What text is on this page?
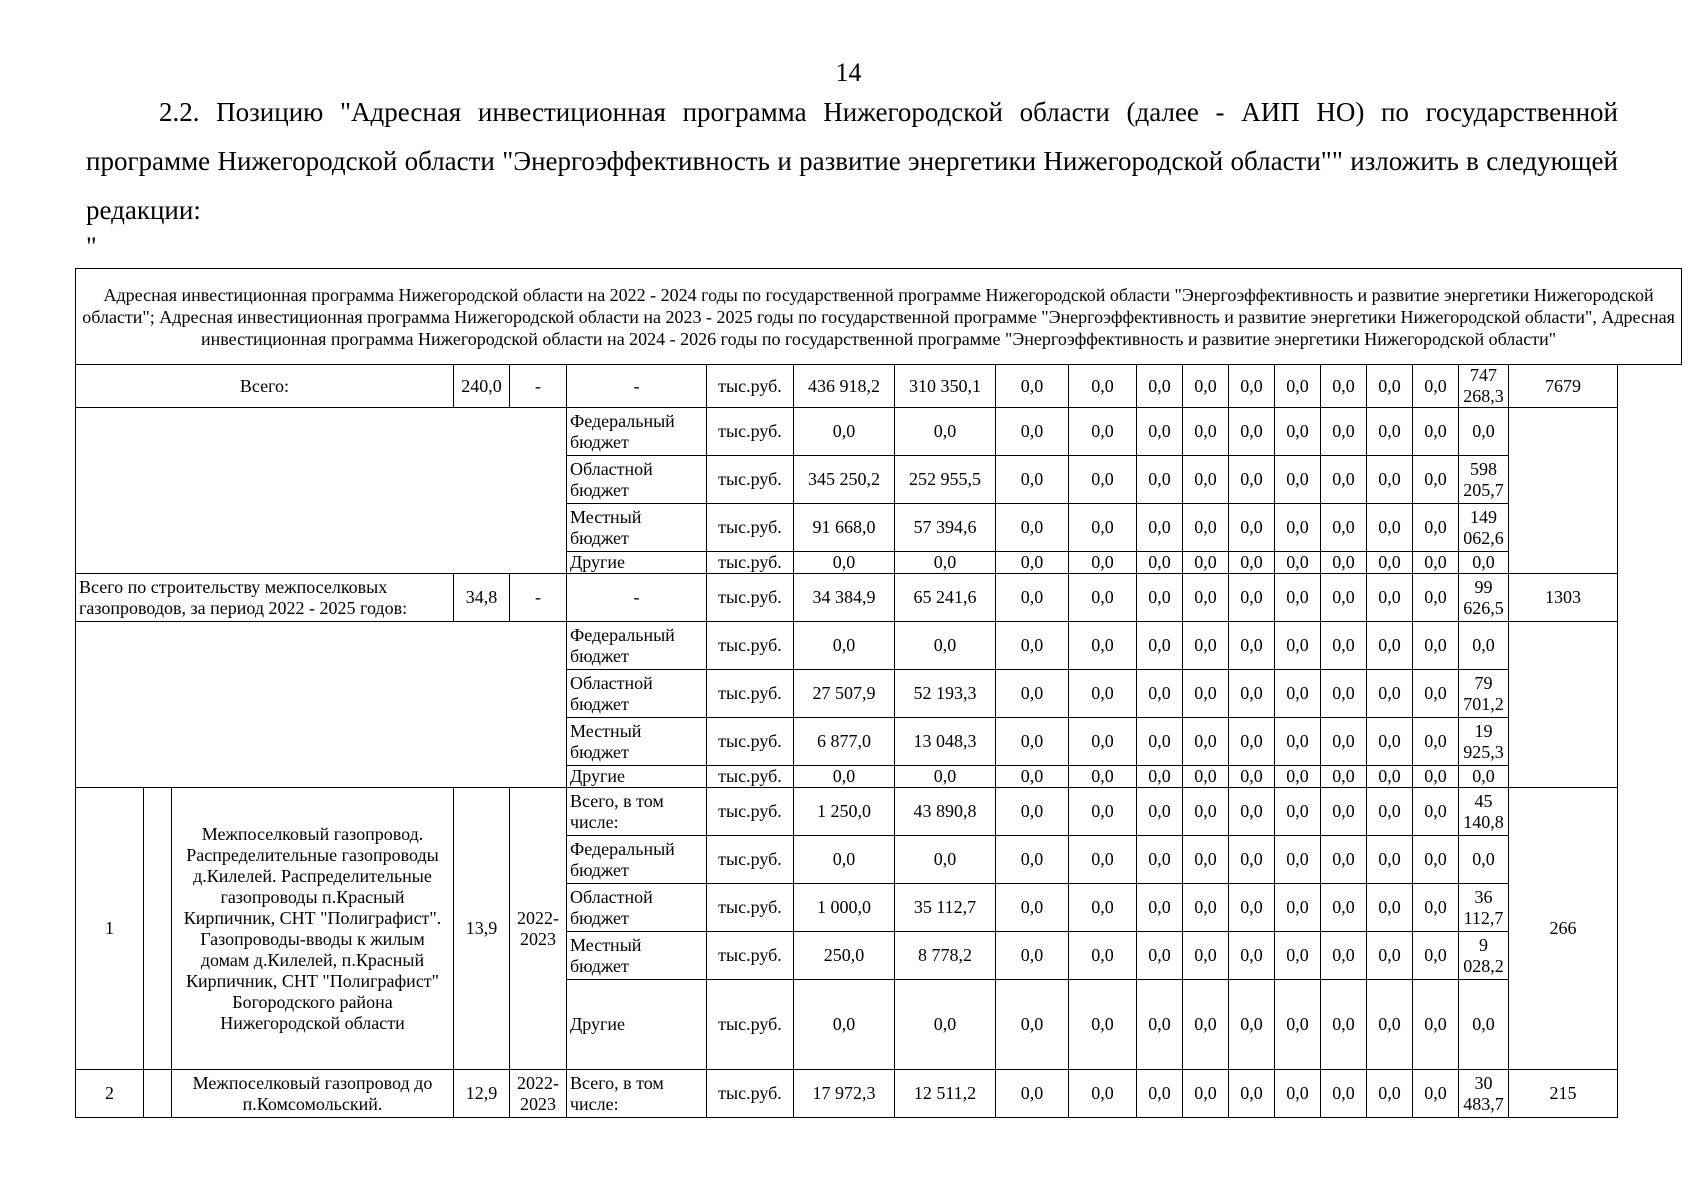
14

2.2. Позицию "Адресная инвестиционная программа Нижегородской области (далее - АИП НО) по государственной программе Нижегородской области "Энергоэффективность и развитие энергетики Нижегородской области"" изложить в следующей редакции:

"
Адресная инвестиционная программа Нижегородской области на 2022 - 2024 годы по государственной программе Нижегородской области "Энергоэффективность и развитие энергетики Нижегородской области"; Адресная инвестиционная программа Нижегородской области на 2023 - 2025 годы по государственной программе "Энергоэффективность и развитие энергетики Нижегородской области", Адресная инвестиционная программа Нижегородской области на 2024 - 2026 годы по государственной программе "Энергоэффективность и развитие энергетики Нижегородской области"																			
Всего:			240,0	-	-	тыс.руб.	436 918,2	310 350,1	0,0	0,0	0,0	0,0	0,0	0,0	0,0	0,0	0,0	747 268,3	7679
					Федеральный бюджет	тыс.руб.	0,0	0,0	0,0	0,0	0,0	0,0	0,0	0,0	0,0	0,0	0,0	0,0	
					Областной бюджет	тыс.руб.	345 250,2	252 955,5	0,0	0,0	0,0	0,0	0,0	0,0	0,0	0,0	0,0	598 205,7	
					Местный бюджет	тыс.руб.	91 668,0	57 394,6	0,0	0,0	0,0	0,0	0,0	0,0	0,0	0,0	0,0	149 062,6	
					Другие	тыс.руб.	0,0	0,0	0,0	0,0	0,0	0,0	0,0	0,0	0,0	0,0	0,0	0,0	
Всего по строительству межпоселковых газопроводов, за период 2022 - 2025 годов:			34,8	-	-	тыс.руб.	34 384,9	65 241,6	0,0	0,0	0,0	0,0	0,0	0,0	0,0	0,0	0,0	99 626,5	1303
					Федеральный бюджет	тыс.руб.	0,0	0,0	0,0	0,0	0,0	0,0	0,0	0,0	0,0	0,0	0,0	0,0	
					Областной бюджет	тыс.руб.	27 507,9	52 193,3	0,0	0,0	0,0	0,0	0,0	0,0	0,0	0,0	0,0	79 701,2	
					Местный бюджет	тыс.руб.	6 877,0	13 048,3	0,0	0,0	0,0	0,0	0,0	0,0	0,0	0,0	0,0	19 925,3	
					Другие	тыс.руб.	0,0	0,0	0,0	0,0	0,0	0,0	0,0	0,0	0,0	0,0	0,0	0,0	
1		Межпоселковый газопровод. Распределительные газопроводы д.Килелей. Распределительные газопроводы п.Красный Кирпичник, СНТ "Полиграфист". Газопроводы-вводы к жилым домам д.Килелей, п.Красный Кирпичник, СНТ "Полиграфист" Богородского района Нижегородской области	13,9	2022-2023	Всего, в том числе:	тыс.руб.	1 250,0	43 890,8	0,0	0,0	0,0	0,0	0,0	0,0	0,0	0,0	0,0	45 140,8	266
					Федеральный бюджет	тыс.руб.	0,0	0,0	0,0	0,0	0,0	0,0	0,0	0,0	0,0	0,0	0,0	0,0	
					Областной бюджет	тыс.руб.	1 000,0	35 112,7	0,0	0,0	0,0	0,0	0,0	0,0	0,0	0,0	0,0	36 112,7	
					Местный бюджет	тыс.руб.	250,0	8 778,2	0,0	0,0	0,0	0,0	0,0	0,0	0,0	0,0	0,0	9 028,2	
					Другие	тыс.руб.	0,0	0,0	0,0	0,0	0,0	0,0	0,0	0,0	0,0	0,0	0,0	0,0	
2		Межпоселковый газопровод до п.Комсомольский.	12,9	2022-2023	Всего, в том числе:	тыс.руб.	17 972,3	12 511,2	0,0	0,0	0,0	0,0	0,0	0,0	0,0	0,0	0,0	30 483,7	215
